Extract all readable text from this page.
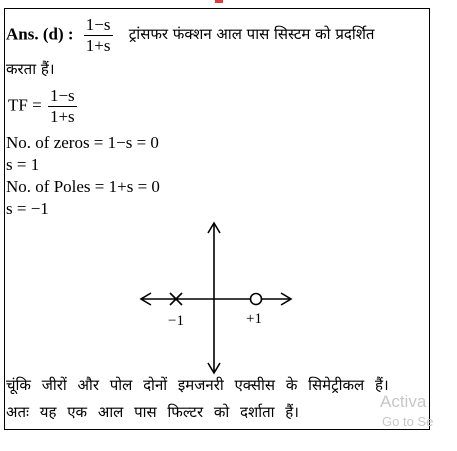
Ans. (d) : $\frac{1-s}{1+s}$ ट्रांसफर फंक्शन आल पास सिस्टम को प्रदर्शित
करता हैं।
TF = $\frac{1-s}{1+s}$
No. of zeros = 1−s = 0
s = 1
No. of Poles = 1+s = 0
s = −1
−1	+1
चूंकि जीरों और पोल दोनों इमजनरी एक्सीस के सिमेट्रीकल हैं।
अतः यह एक आल पास फिल्टर को दर्शाता हैं।
Activa
Go to Se
